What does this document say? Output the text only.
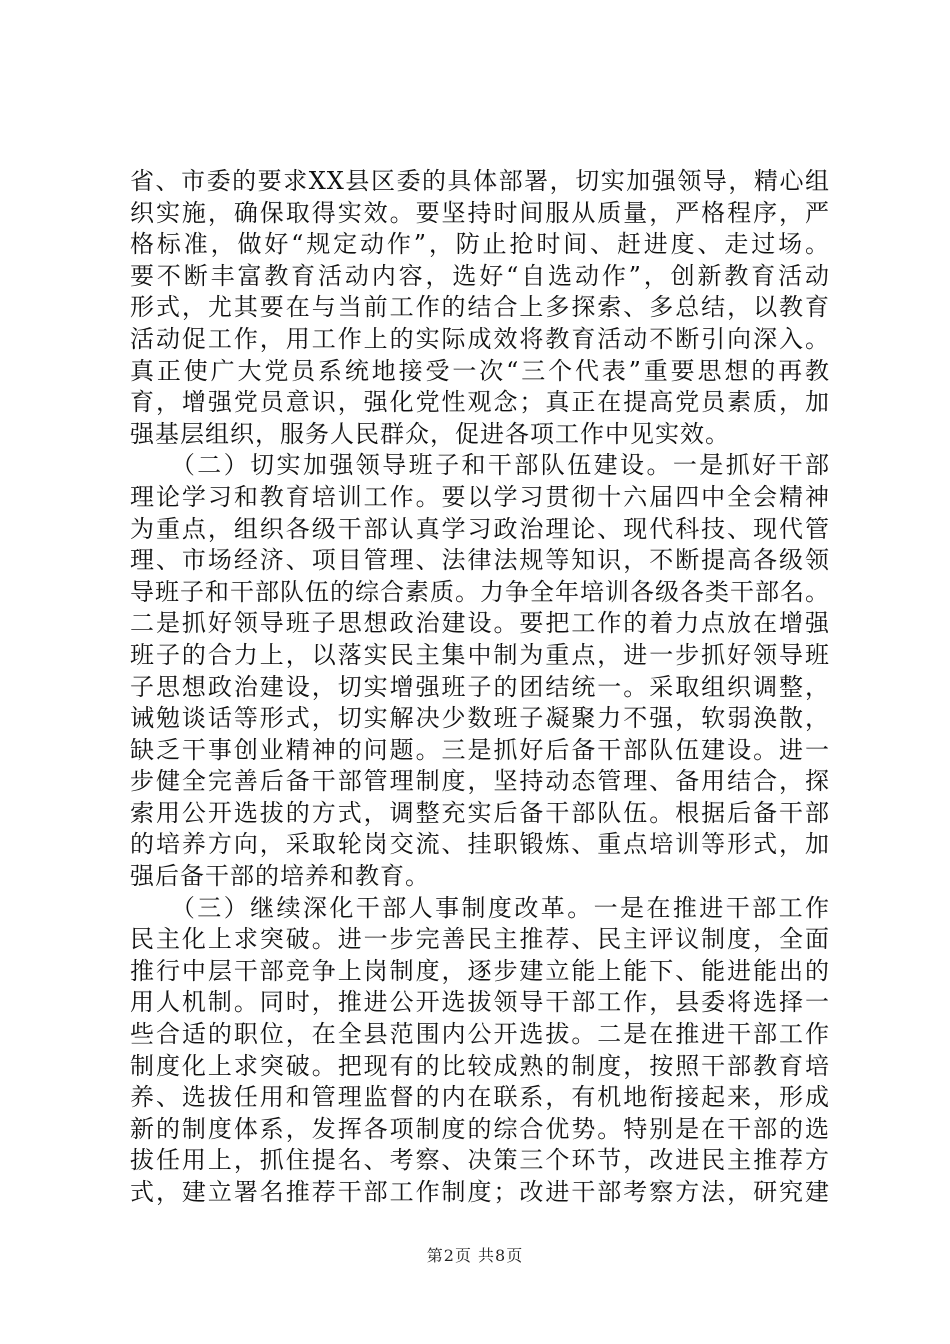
省、市委的要求XX县区委的具体部署，切实加强领导，精心组
织实施，确保取得实效。要坚持时间服从质量，严格程序，严
格标准，做好“规定动作”，防止抢时间、赶进度、走过场。
要不断丰富教育活动内容，选好“自选动作”，创新教育活动
形式，尤其要在与当前工作的结合上多探索、多总结，以教育
活动促工作，用工作上的实际成效将教育活动不断引向深入。
真正使广大党员系统地接受一次“三个代表”重要思想的再教
育，增强党员意识，强化党性观念；真正在提高党员素质，加
强基层组织，服务人民群众，促进各项工作中见实效。
　　（二）切实加强领导班子和干部队伍建设。一是抓好干部
理论学习和教育培训工作。要以学习贯彻十六届四中全会精神
为重点，组织各级干部认真学习政治理论、现代科技、现代管
理、市场经济、项目管理、法律法规等知识，不断提高各级领
导班子和干部队伍的综合素质。力争全年培训各级各类干部名。
二是抓好领导班子思想政治建设。要把工作的着力点放在增强
班子的合力上，以落实民主集中制为重点，进一步抓好领导班
子思想政治建设，切实增强班子的团结统一。采取组织调整，
诫勉谈话等形式，切实解决少数班子凝聚力不强，软弱涣散，
缺乏干事创业精神的问题。三是抓好后备干部队伍建设。进一
步健全完善后备干部管理制度，坚持动态管理、备用结合，探
索用公开选拔的方式，调整充实后备干部队伍。根据后备干部
的培养方向，采取轮岗交流、挂职锻炼、重点培训等形式，加
强后备干部的培养和教育。
　　（三）继续深化干部人事制度改革。一是在推进干部工作
民主化上求突破。进一步完善民主推荐、民主评议制度，全面
推行中层干部竞争上岗制度，逐步建立能上能下、能进能出的
用人机制。同时，推进公开选拔领导干部工作，县委将选择一
些合适的职位，在全县范围内公开选拔。二是在推进干部工作
制度化上求突破。把现有的比较成熟的制度，按照干部教育培
养、选拔任用和管理监督的内在联系，有机地衔接起来，形成
新的制度体系，发挥各项制度的综合优势。特别是在干部的选
拔任用上，抓住提名、考察、决策三个环节，改进民主推荐方
式，建立署名推荐干部工作制度；改进干部考察方法，研究建
第2页 共8页
